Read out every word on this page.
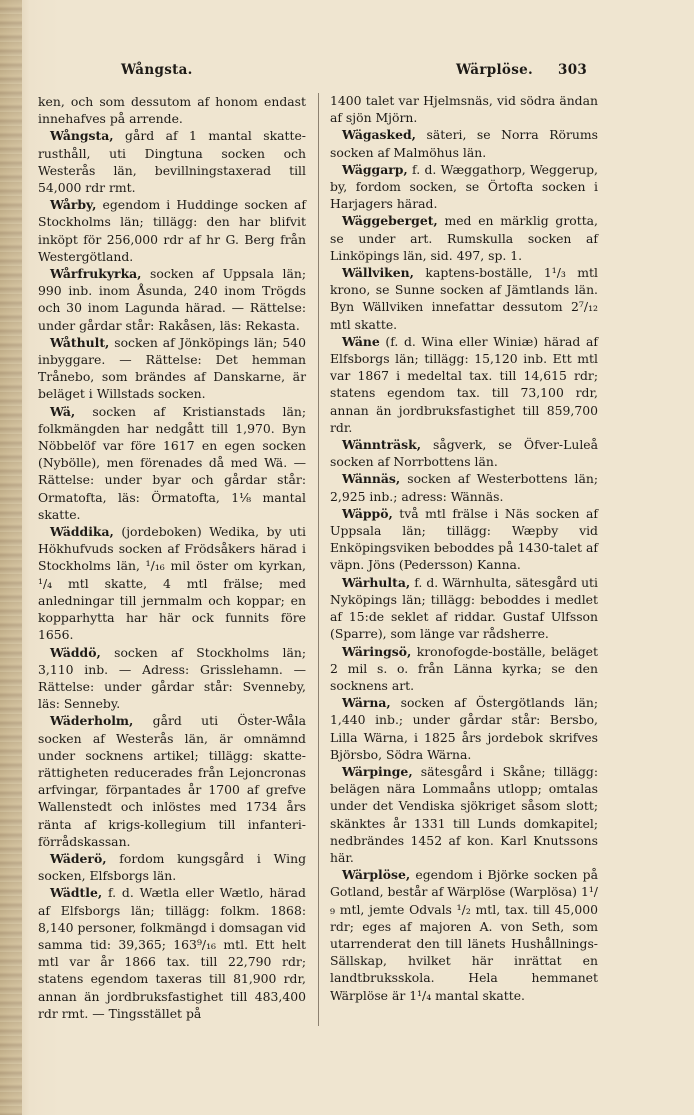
Wångsta.	Wärplöse. 303

ken, och som dessutom af honom endast innehafves på arrende.

Wångsta, gård af 1 mantal skatte-rusthåll, uti Dingtuna socken och Westerås län, bevillningstaxerad till 54,000 rdr rmt.

Wårby, egendom i Huddinge socken af Stockholms län; tillägg: den har blifvit inköpt för 256,000 rdr af hr G. Berg från Westergötland.

Wårfrukyrka, socken af Uppsala län; 990 inb. inom Åsunda, 240 inom Trögds och 30 inom Lagunda härad. — Rättelse: under gårdar står: Rakåsen, läs: Rekasta.

Wåthult, socken af Jönköpings län; 540 inbyggare. — Rättelse: Det hemman Trånebo, som brändes af Danskarne, är beläget i Willstads socken.

Wä, socken af Kristianstads län; folkmängden har nedgått till 1,970. Byn Nöbbelöf var före 1617 en egen socken (Nybölle), men förenades då med Wä. — Rättelse: under byar och gårdar står: Ormatofta, läs: Örmatofta, 1⅛ mantal skatte.

Wäddika, (jordeboken) Wedika, by uti Hökhufvuds socken af Frödsåkers härad i Stockholms län, ¹/₁₆ mil öster om kyrkan, ¹/₄ mtl skatte, 4 mtl frälse; med anledningar till jernmalm och koppar; en kopparhytta har här ock funnits före 1656.

Wäddö, socken af Stockholms län; 3,110 inb. — Adress: Grisslehamn. — Rättelse: under gårdar står: Svenneby, läs: Senneby.

Wäderholm, gård uti Öster-Wåla socken af Westerås län, är omnämnd under socknens artikel; tillägg: skatte-rättigheten reducerades från Lejoncronas arfvingar, förpantades år 1700 af grefve Wallenstedt och inlöstes med 1734 års ränta af krigs-kollegium till infanteri-förrådskassan.

Wäderö, fordom kungsgård i Wing socken, Elfsborgs län.

Wädtle, f. d. Wætla eller Wætlo, härad af Elfsborgs län; tillägg: folkm. 1868: 8,140 personer, folkmängd i domsagan vid samma tid: 39,365; 163⁹/₁₆ mtl. Ett helt mtl var år 1866 tax. till 22,790 rdr; statens egendom taxeras till 81,900 rdr, annan än jordbruksfastighet till 483,400 rdr rmt. — Tingsstället på

1400 talet var Hjelmsnäs, vid södra ändan af sjön Mjörn.

Wägasked, säteri, se Norra Rörums socken af Malmöhus län.

Wäggarp, f. d. Wæggathorp, Weggerup, by, fordom socken, se Örtofta socken i Harjagers härad.

Wäggeberget, med en märklig grotta, se under art. Rumskulla socken af Linköpings län, sid. 497, sp. 1.

Wällviken, kaptens-boställe, 1¹/₃ mtl krono, se Sunne socken af Jämtlands län. Byn Wällviken innefattar dessutom 2⁷/₁₂ mtl skatte.

Wäne (f. d. Wina eller Winiæ) härad af Elfsborgs län; tillägg: 15,120 inb. Ett mtl var 1867 i medeltal tax. till 14,615 rdr; statens egendom tax. till 73,100 rdr, annan än jordbruksfastighet till 859,700 rdr.

Wännträsk, sågverk, se Öfver-Luleå socken af Norrbottens län.

Wännäs, socken af Westerbottens län; 2,925 inb.; adress: Wännäs.

Wäppö, två mtl frälse i Näs socken af Uppsala län; tillägg: Wæpby vid Enköpingsviken beboddes på 1430-talet af väpn. Jöns (Pedersson) Kanna.

Wärhulta, f. d. Wärnhulta, sätesgård uti Nyköpings län; tillägg: beboddes i medlet af 15:de seklet af riddar. Gustaf Ulfsson (Sparre), som länge var rådsherre.

Wäringsö, kronofogde-boställe, beläget 2 mil s. o. från Länna kyrka; se den socknens art.

Wärna, socken af Östergötlands län; 1,440 inb.; under gårdar står: Bersbo, Lilla Wärna, i 1825 års jordebok skrifves Björsbo, Södra Wärna.

Wärpinge, sätesgård i Skåne; tillägg: belägen nära Lommaåns utlopp; omtalas under det Vendiska sjökriget såsom slott; skänktes år 1331 till Lunds domkapitel; nedbrändes 1452 af kon. Karl Knutssons här.

Wärplöse, egendom i Björke socken på Gotland, består af Wärplöse (Warplösa) 1¹/₉ mtl, jemte Odvals ¹/₂ mtl, tax. till 45,000 rdr; eges af majoren A. von Seth, som utarrenderat den till länets Hushållnings-Sällskap, hvilket här inrättat en landtbruksskola. Hela hemmanet Wärplöse är 1¹/₄ mantal skatte.
